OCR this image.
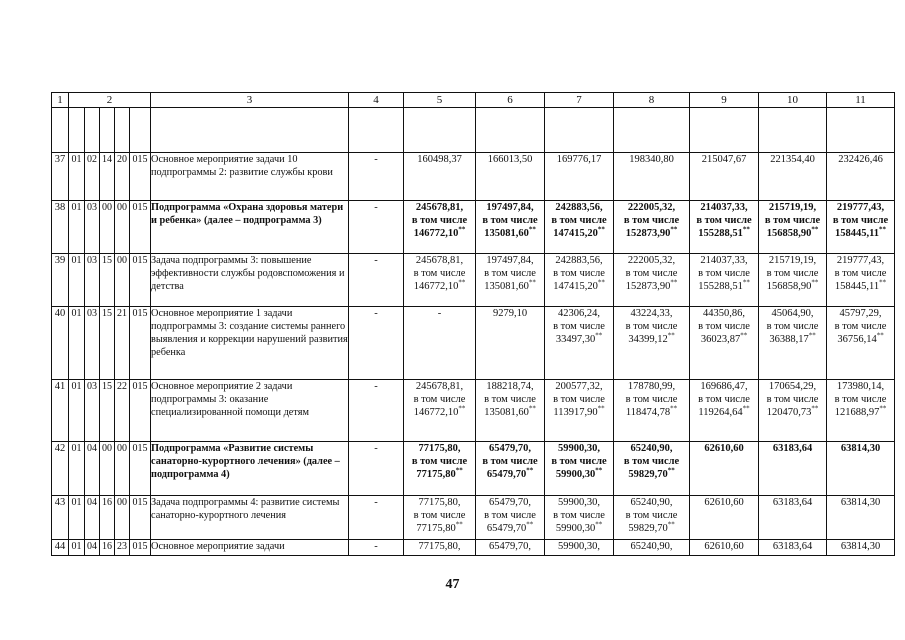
1	2					3	4	5	6	7	8	9	10	11

37	01	02	14	20	015	Основное мероприятие задачи 10 подпрограммы 2: развитие службы крови	-	160498,37	166013,50	169776,17	198340,80	215047,67	221354,40	232426,46

38	01	03	00	00	015	Подпрограмма «Охрана здоровья матери и ребенка» (далее – подпрограмма 3)	-	245678,81,
в том числе
146772,10**	197497,84,
в том числе
135081,60**	242883,56,
в том числе
147415,20**	222005,32,
в том числе
152873,90**	214037,33,
в том числе
155288,51**	215719,19,
в том числе
156858,90**	219777,43,
в том числе
158445,11**

39	01	03	15	00	015	Задача подпрограммы 3: повышение эффективности службы родовспоможения и детства	-	245678,81,
в том числе
146772,10**	197497,84,
в том числе
135081,60**	242883,56,
в том числе
147415,20**	222005,32,
в том числе
152873,90**	214037,33,
в том числе
155288,51**	215719,19,
в том числе
156858,90**	219777,43,
в том числе
158445,11**

40	01	03	15	21	015	Основное мероприятие 1 задачи подпрограммы 3: создание системы раннего выявления и коррекции нарушений развития ребенка	-	-	9279,10	42306,24,
в том числе
33497,30**	43224,33,
в том числе
34399,12**	44350,86,
в том числе
36023,87**	45064,90,
в том числе
36388,17**	45797,29,
в том числе
36756,14**

41	01	03	15	22	015	Основное мероприятие 2 задачи подпрограммы 3: оказание специализированной помощи детям	-	245678,81,
в том числе
146772,10**	188218,74,
в том числе
135081,60**	200577,32,
в том числе
113917,90**	178780,99,
в том числе
118474,78**	169686,47,
в том числе
119264,64**	170654,29,
в том числе
120470,73**	173980,14,
в том числе
121688,97**

42	01	04	00	00	015	Подпрограмма «Развитие системы санаторно-курортного лечения» (далее – подпрограмма 4)	-	77175,80,
в том числе
77175,80**	65479,70,
в том числе
65479,70**	59900,30,
в том числе
59900,30**	65240,90,
в том числе
59829,70**	62610,60	63183,64	63814,30

43	01	04	16	00	015	Задача подпрограммы 4: развитие системы санаторно-курортного лечения	-	77175,80,
в том числе
77175,80**	65479,70,
в том числе
65479,70**	59900,30,
в том числе
59900,30**	65240,90,
в том числе
59829,70**	62610,60	63183,64	63814,30

44	01	04	16	23	015	Основное мероприятие задачи	-	77175,80,	65479,70,	59900,30,	65240,90,	62610,60	63183,64	63814,30
47
